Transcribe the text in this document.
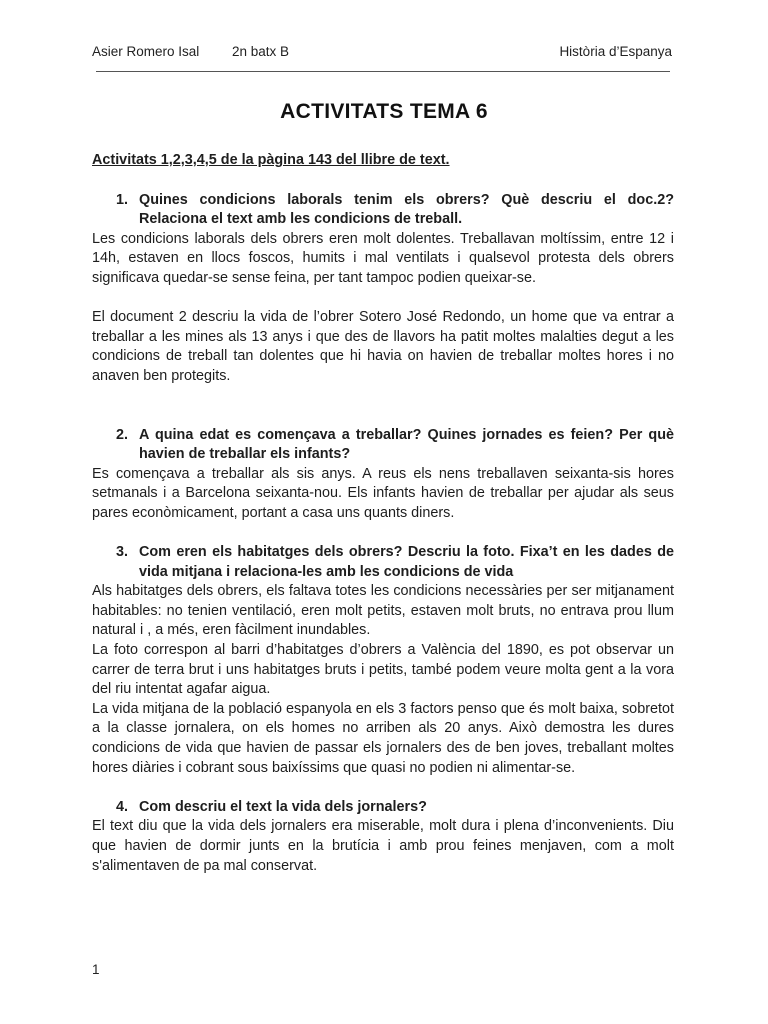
Asier Romero Isal 2n batx B	Història d’Espanya
ACTIVITATS TEMA 6

Activitats 1,2,3,4,5 de la pàgina 143 del llibre de text.

1. Quines condicions laborals tenim els obrers? Què descriu el doc.2? Relaciona el text amb les condicions de treball.

Les condicions laborals dels obrers eren molt dolentes. Treballavan moltíssim, entre 12 i 14h, estaven en llocs foscos, humits i mal ventilats i qualsevol protesta dels obrers significava quedar-se sense feina, per tant tampoc podien queixar-se.

El document 2 descriu la vida de l’obrer Sotero José Redondo, un home que va entrar a treballar a les mines als 13 anys i que des de llavors ha patit moltes malalties degut a les condicions de treball tan dolentes que hi havia on havien de treballar moltes hores i no anaven ben protegits.

2. A quina edat es començava a treballar? Quines jornades es feien? Per què havien de treballar els infants?

Es començava a treballar als sis anys. A reus els nens treballaven seixanta-sis hores setmanals i a Barcelona seixanta-nou. Els infants havien de treballar per ajudar als seus pares econòmicament, portant a casa uns quants diners.

3. Com eren els habitatges dels obrers? Descriu la foto. Fixa’t en les dades de vida mitjana i relaciona-les amb les condicions de vida

Als habitatges dels obrers, els faltava totes les condicions necessàries per ser mitjanament habitables: no tenien ventilació, eren molt petits, estaven molt bruts, no entrava prou llum natural i , a més, eren fàcilment inundables.

La foto correspon al barri d’habitatges d’obrers a València del 1890, es pot observar un carrer de terra brut i uns habitatges bruts i petits, també podem veure molta gent a la vora del riu intentat agafar aigua.

La vida mitjana de la població espanyola en els 3 factors penso que és molt baixa, sobretot a la classe jornalera, on els homes no arriben als 20 anys. Això demostra les dures condicions de vida que havien de passar els jornalers des de ben joves, treballant moltes hores diàries i cobrant sous baixíssims que quasi no podien ni alimentar-se.

4. Com descriu el text la vida dels jornalers?

El text diu que la vida dels jornalers era miserable, molt dura i plena d’inconvenients. Diu que havien de dormir junts en la brutícia i amb prou feines menjaven, com a molt s'alimentaven de pa mal conservat.

1
